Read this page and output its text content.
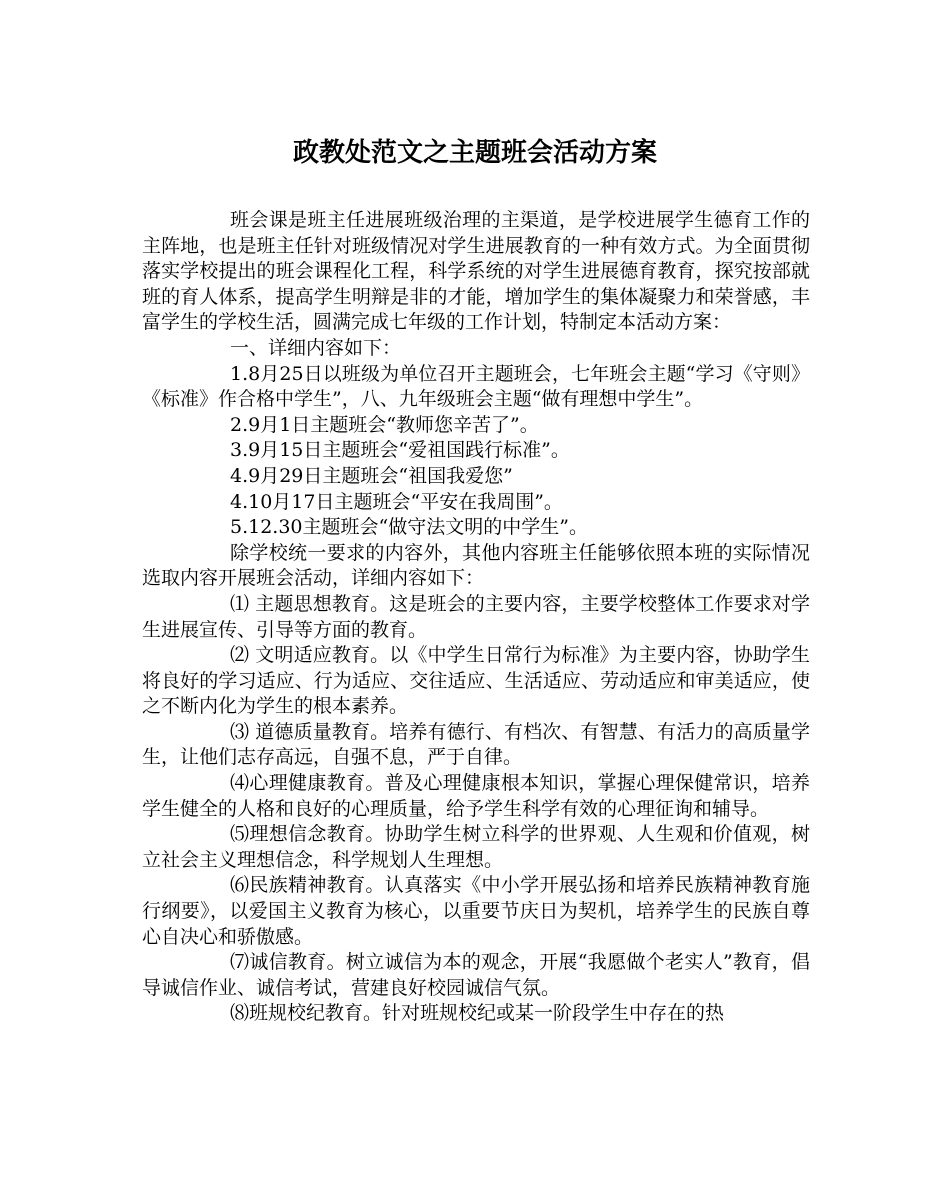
政教处范文之主题班会活动方案

班会课是班主任进展班级治理的主渠道，是学校进展学生德育工作的主阵地，也是班主任针对班级情况对学生进展教育的一种有效方式。为全面贯彻落实学校提出的班会课程化工程，科学系统的对学生进展德育教育，探究按部就班的育人体系，提高学生明辩是非的才能，增加学生的集体凝聚力和荣誉感，丰富学生的学校生活，圆满完成七年级的工作计划，特制定本活动方案：

一、详细内容如下：

1.8月25日以班级为单位召开主题班会，七年班会主题“学习《守则》《标准》作合格中学生”，八、九年级班会主题“做有理想中学生”。

2.9月1日主题班会“教师您辛苦了”。

3.9月15日主题班会“爱祖国践行标准”。

4.9月29日主题班会“祖国我爱您”

4.10月17日主题班会“平安在我周围”。

5.12.30主题班会“做守法文明的中学生”。

除学校统一要求的内容外，其他内容班主任能够依照本班的实际情况选取内容开展班会活动，详细内容如下：

⑴ 主题思想教育。这是班会的主要内容，主要学校整体工作要求对学生进展宣传、引导等方面的教育。

⑵ 文明适应教育。以《中学生日常行为标准》为主要内容，协助学生将良好的学习适应、行为适应、交往适应、生活适应、劳动适应和审美适应，使之不断内化为学生的根本素养。

⑶ 道德质量教育。培养有德行、有档次、有智慧、有活力的高质量学生，让他们志存高远，自强不息，严于自律。

⑷心理健康教育。普及心理健康根本知识，掌握心理保健常识，培养学生健全的人格和良好的心理质量，给予学生科学有效的心理征询和辅导。

⑸理想信念教育。协助学生树立科学的世界观、人生观和价值观，树立社会主义理想信念，科学规划人生理想。

⑹民族精神教育。认真落实《中小学开展弘扬和培养民族精神教育施行纲要》，以爱国主义教育为核心，以重要节庆日为契机，培养学生的民族自尊心自决心和骄傲感。

⑺诚信教育。树立诚信为本的观念，开展“我愿做个老实人”教育，倡导诚信作业、诚信考试，营建良好校园诚信气氛。

⑻班规校纪教育。针对班规校纪或某一阶段学生中存在的热
